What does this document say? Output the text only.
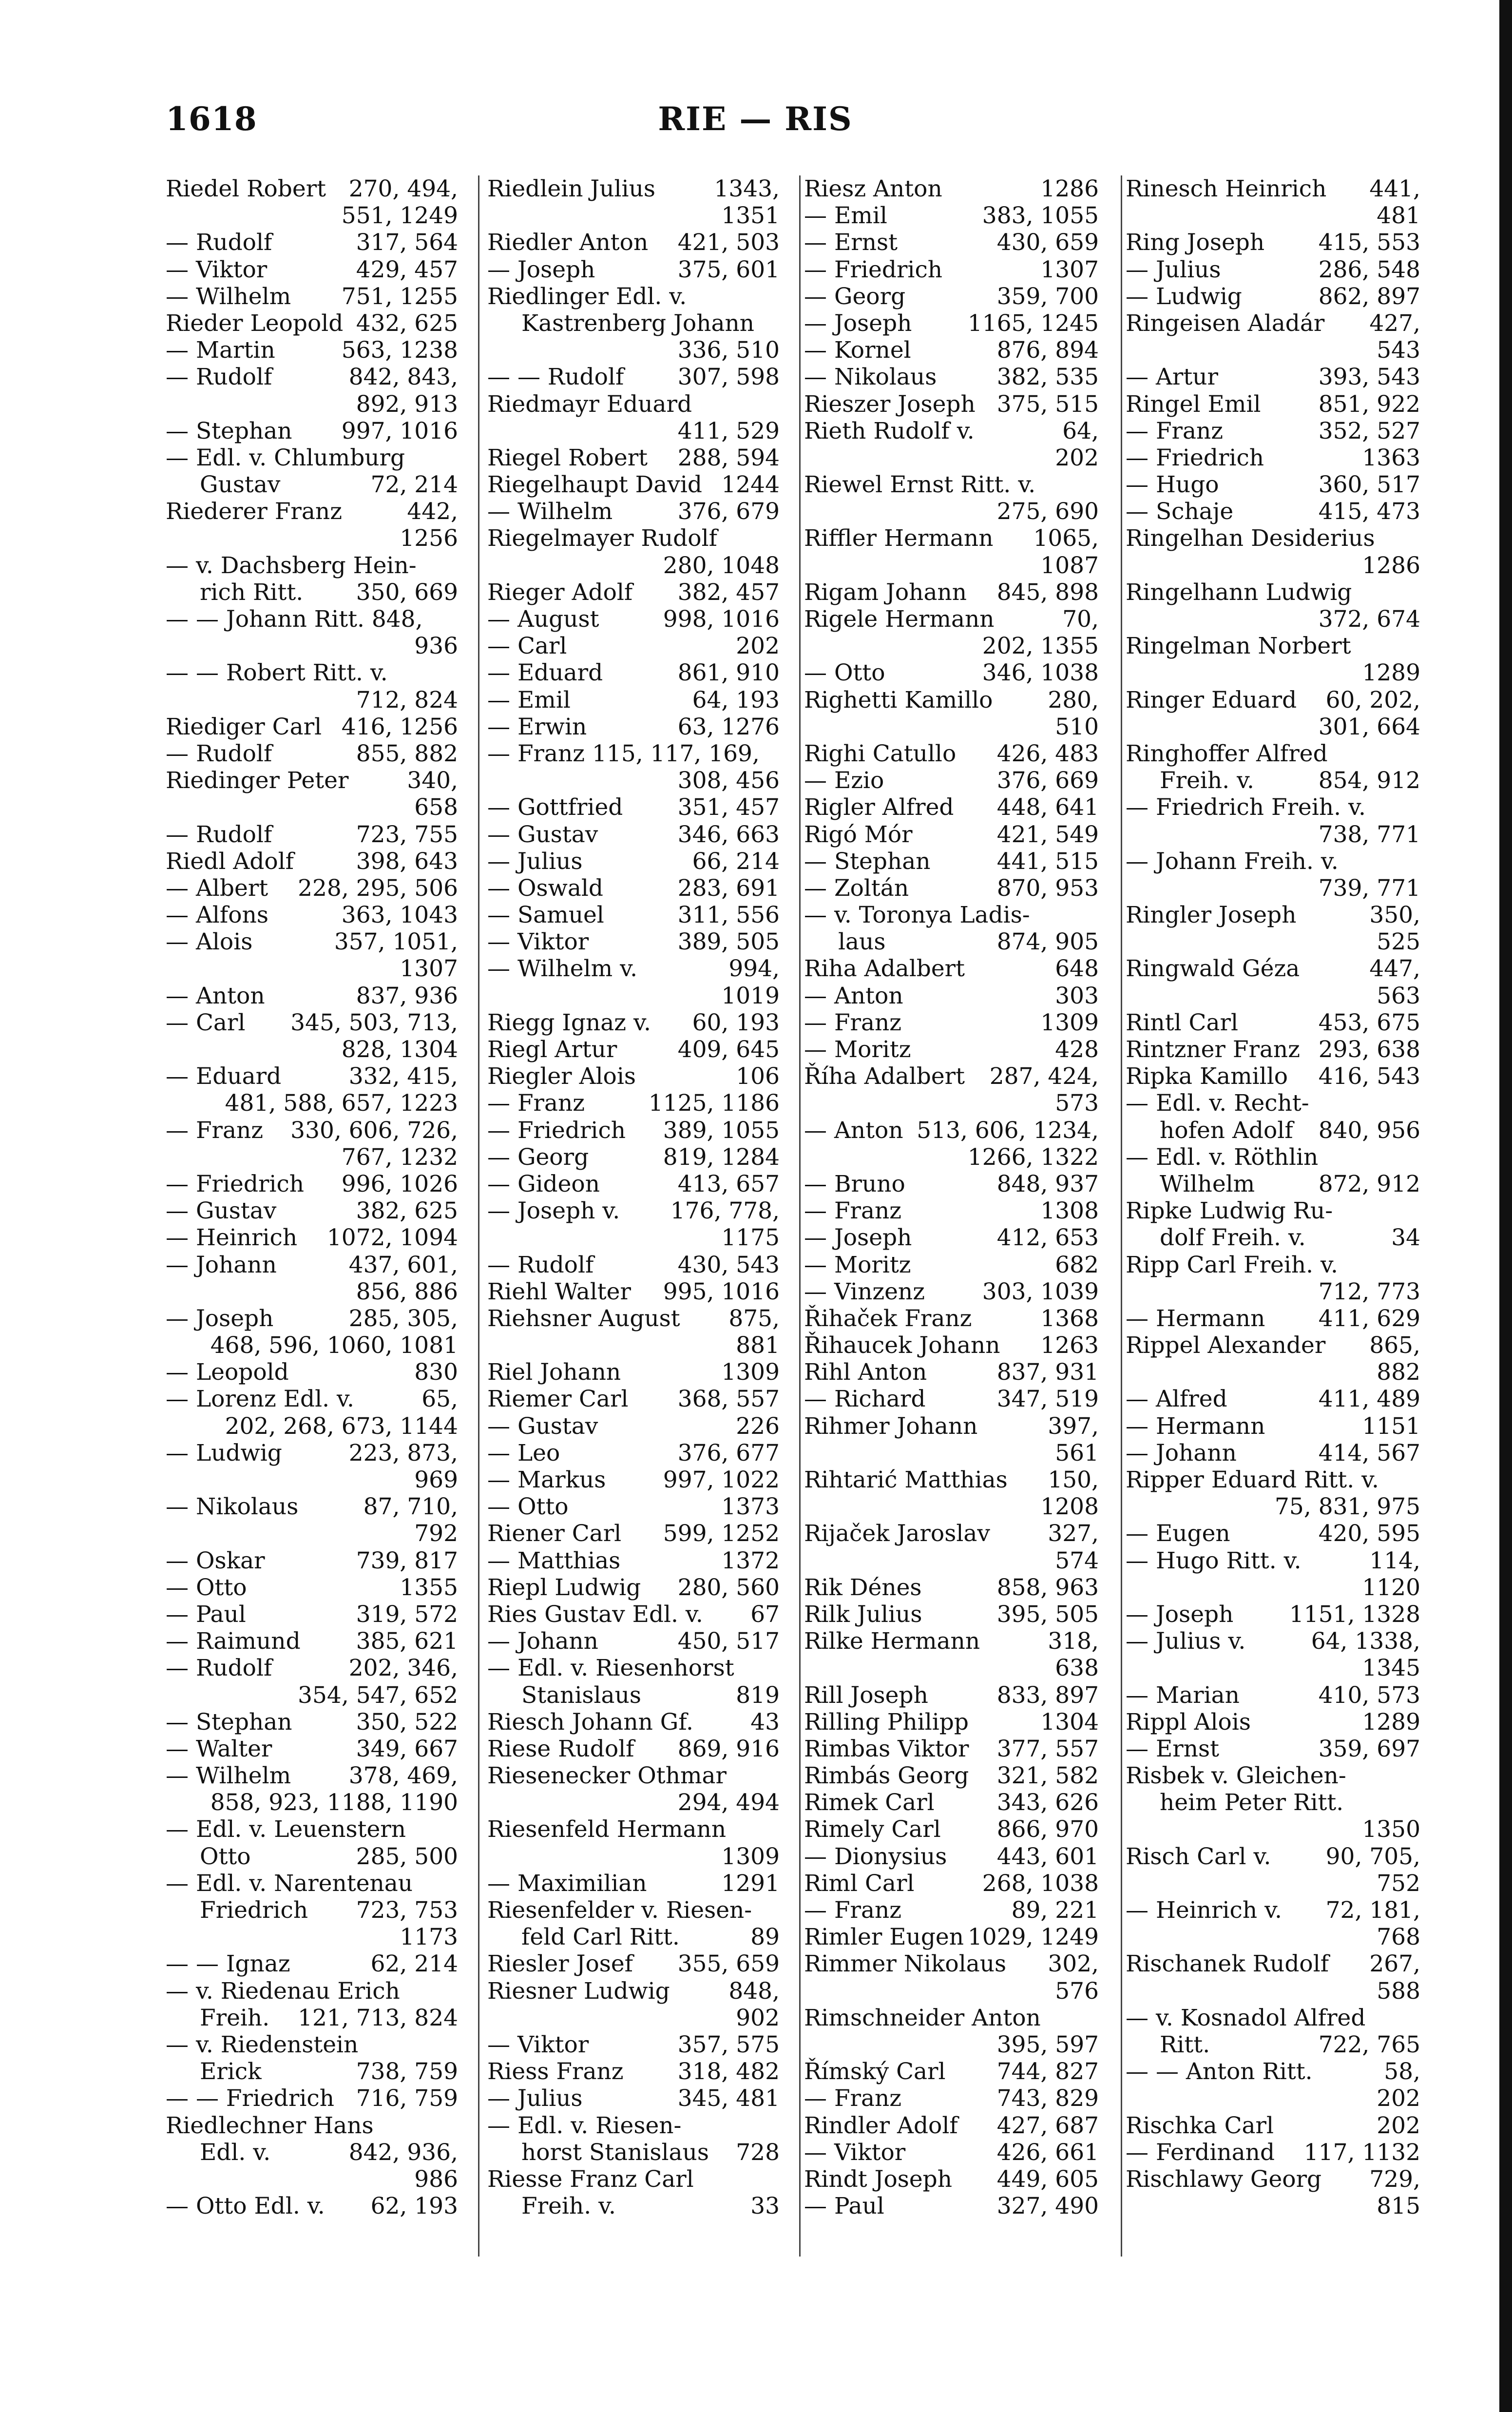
1618	RIE — RIS
Riedel Robert 270, 494,
551, 1249
— Rudolf	317, 564
— Viktor	429, 457
— Wilhelm 751, 1255
Rieder Leopold 432, 625
— Martin	563, 1238
— Rudolf	842, 843,
892, 913
— Stephan 997, 1016
— Edl. v. Chlumburg
Gustav	72, 214
Riederer Franz	442,
1256
— v. Dachsberg Hein-
rich Ritt. 350, 669
— — Johann Ritt. 848,
936
— — Robert Ritt. v.
712, 824
Riediger Carl 416, 1256
— Rudolf	855, 882
Riedinger Peter	340,
658
— Rudolf	723, 755
Riedl Adolf	398, 643
— Albert 228, 295, 506
— Alfons	363, 1043
— Alois	357, 1051,
1307
— Anton	837, 936
— Carl 345, 503, 713,
828, 1304
— Eduard	332, 415,
481, 588, 657, 1223
— Franz 330, 606, 726,
767, 1232
— Friedrich 996, 1026
— Gustav	382, 625
— Heinrich 1072, 1094
— Johann	437, 601,
856, 886
— Joseph	285, 305,
468, 596, 1060, 1081
— Leopold	830
— Lorenz Edl. v.	65,
202, 268, 673, 1144
— Ludwig	223, 873,
969
— Nikolaus	87, 710,
792
— Oskar	739, 817
— Otto	1355
— Paul	319, 572
— Raimund 385, 621
— Rudolf	202, 346,
354, 547, 652
— Stephan	350, 522
— Walter	349, 667
— Wilhelm	378, 469,
858, 923, 1188, 1190
— Edl. v. Leuenstern
Otto	285, 500
— Edl. v. Narentenau
Friedrich 723, 753
1173
— — Ignaz	62, 214
— v. Riedenau Erich
Freih. 121, 713, 824
— v. Riedenstein
Erick	738, 759
— — Friedrich 716, 759
Riedlechner Hans
Edl. v.	842, 936,
986
— Otto Edl. v. 62, 193
Riedlein Julius	1343,
1351
Riedler Anton 421, 503
— Joseph	375, 601
Riedlinger Edl. v.
Kastrenberg Johann
336, 510
— — Rudolf 307, 598
Riedmayr Eduard
411, 529
Riegel Robert 288, 594
Riegelhaupt David 1244
— Wilhelm	376, 679
Riegelmayer Rudolf
280, 1048
Rieger Adolf 382, 457
— August	998, 1016
— Carl	202
— Eduard	861, 910
— Emil	64, 193
— Erwin	63, 1276
— Franz 115, 117, 169,
308, 456
— Gottfried 351, 457
— Gustav	346, 663
— Julius	66, 214
— Oswald	283, 691
— Samuel	311, 556
— Viktor	389, 505
— Wilhelm v.	994,
1019
Riegg Ignaz v. 60, 193
Riegl Artur	409, 645
Riegler Alois	106
— Franz	1125, 1186
— Friedrich 389, 1055
— Georg	819, 1284
— Gideon	413, 657
— Joseph v. 176, 778,
1175
— Rudolf	430, 543
Riehl Walter 995, 1016
Riehsner August 875,
881
Riel Johann	1309
Riemer Carl 368, 557
— Gustav	226
— Leo	376, 677
— Markus 997, 1022
— Otto	1373
Riener Carl 599, 1252
— Matthias	1372
Riepl Ludwig 280, 560
Ries Gustav Edl. v. 67
— Johann	450, 517
— Edl. v. Riesenhorst
Stanislaus	819
Riesch Johann Gf. 43
Riese Rudolf 869, 916
Riesenecker Othmar
294, 494
Riesenfeld Hermann
1309
— Maximilian	1291
Riesenfelder v. Riesen-
feld Carl Ritt.	89
Riesler Josef 355, 659
Riesner Ludwig	848,
902
— Viktor	357, 575
Riess Franz 318, 482
— Julius	345, 481
— Edl. v. Riesen-
horst Stanislaus 728
Riesse Franz Carl
Freih. v.	33
Riesz Anton	1286
— Emil	383, 1055
— Ernst	430, 659
— Friedrich	1307
— Georg	359, 700
— Joseph 1165, 1245
— Kornel	876, 894
— Nikolaus	382, 535
Rieszer Joseph 375, 515
Rieth Rudolf v.	64,
202
Riewel Ernst Ritt. v.
275, 690
Riffler Hermann 1065,
1087
Rigam Johann 845, 898
Rigele Hermann	70,
202, 1355
— Otto	346, 1038
Righetti Kamillo 280,
510
Righi Catullo 426, 483
— Ezio	376, 669
Rigler Alfred 448, 641
Rigó Mór	421, 549
— Stephan	441, 515
— Zoltán	870, 953
— v. Toronya Ladis-
laus	874, 905
Riha Adalbert	648
— Anton	303
— Franz	1309
— Moritz	428
Říha Adalbert 287, 424,
573
— Anton 513, 606, 1234,
1266, 1322
— Bruno	848, 937
— Franz	1308
— Joseph	412, 653
— Moritz	682
— Vinzenz	303, 1039
Řihaček Franz	1368
Řihaucek Johann 1263
Rihl Anton	837, 931
— Richard	347, 519
Rihmer Johann	397,
561
Rihtarić Matthias 150,
1208
Rijaček Jaroslav	327,
574
Rik Dénes	858, 963
Rilk Julius	395, 505
Rilke Hermann	318,
638
Rill Joseph	833, 897
Rilling Philipp	1304
Rimbas Viktor 377, 557
Rimbás Georg 321, 582
Rimek Carl	343, 626
Rimely Carl 866, 970
— Dionysius 443, 601
Riml Carl	268, 1038
— Franz	89, 221
Rimler Eugen 1029, 1249
Rimmer Nikolaus 302,
576
Rimschneider Anton
395, 597
Římský Carl 744, 827
— Franz	743, 829
Rindler Adolf 427, 687
— Viktor	426, 661
Rindt Joseph 449, 605
— Paul	327, 490
Rinesch Heinrich 441,
481
Ring Joseph 415, 553
— Julius	286, 548
— Ludwig	862, 897
Ringeisen Aladár 427,
543
— Artur	393, 543
Ringel Emil	851, 922
— Franz	352, 527
— Friedrich	1363
— Hugo	360, 517
— Schaje	415, 473
Ringelhan Desiderius
1286
Ringelhann Ludwig
372, 674
Ringelman Norbert
1289
Ringer Eduard 60, 202,
301, 664
Ringhoffer Alfred
Freih. v.	854, 912
— Friedrich Freih. v.
738, 771
— Johann Freih. v.
739, 771
Ringler Joseph	350,
525
Ringwald Géza	447,
563
Rintl Carl	453, 675
Rintzner Franz 293, 638
Ripka Kamillo 416, 543
— Edl. v. Recht-
hofen Adolf 840, 956
— Edl. v. Röthlin
Wilhelm	872, 912
Ripke Ludwig Ru-
dolf Freih. v.	34
Ripp Carl Freih. v.
712, 773
— Hermann 411, 629
Rippel Alexander 865,
882
— Alfred	411, 489
— Hermann	1151
— Johann	414, 567
Ripper Eduard Ritt. v.
75, 831, 975
— Eugen	420, 595
— Hugo Ritt. v.	114,
1120
— Joseph 1151, 1328
— Julius v.	64, 1338,
1345
— Marian	410, 573
Rippl Alois	1289
— Ernst	359, 697
Risbek v. Gleichen-
heim Peter Ritt.
1350
Risch Carl v. 90, 705,
752
— Heinrich v. 72, 181,
768
Rischanek Rudolf 267,
588
— v. Kosnadol Alfred
Ritt.	722, 765
— — Anton Ritt.	58,
202
Rischka Carl	202
— Ferdinand 117, 1132
Rischlawy Georg 729,
815
